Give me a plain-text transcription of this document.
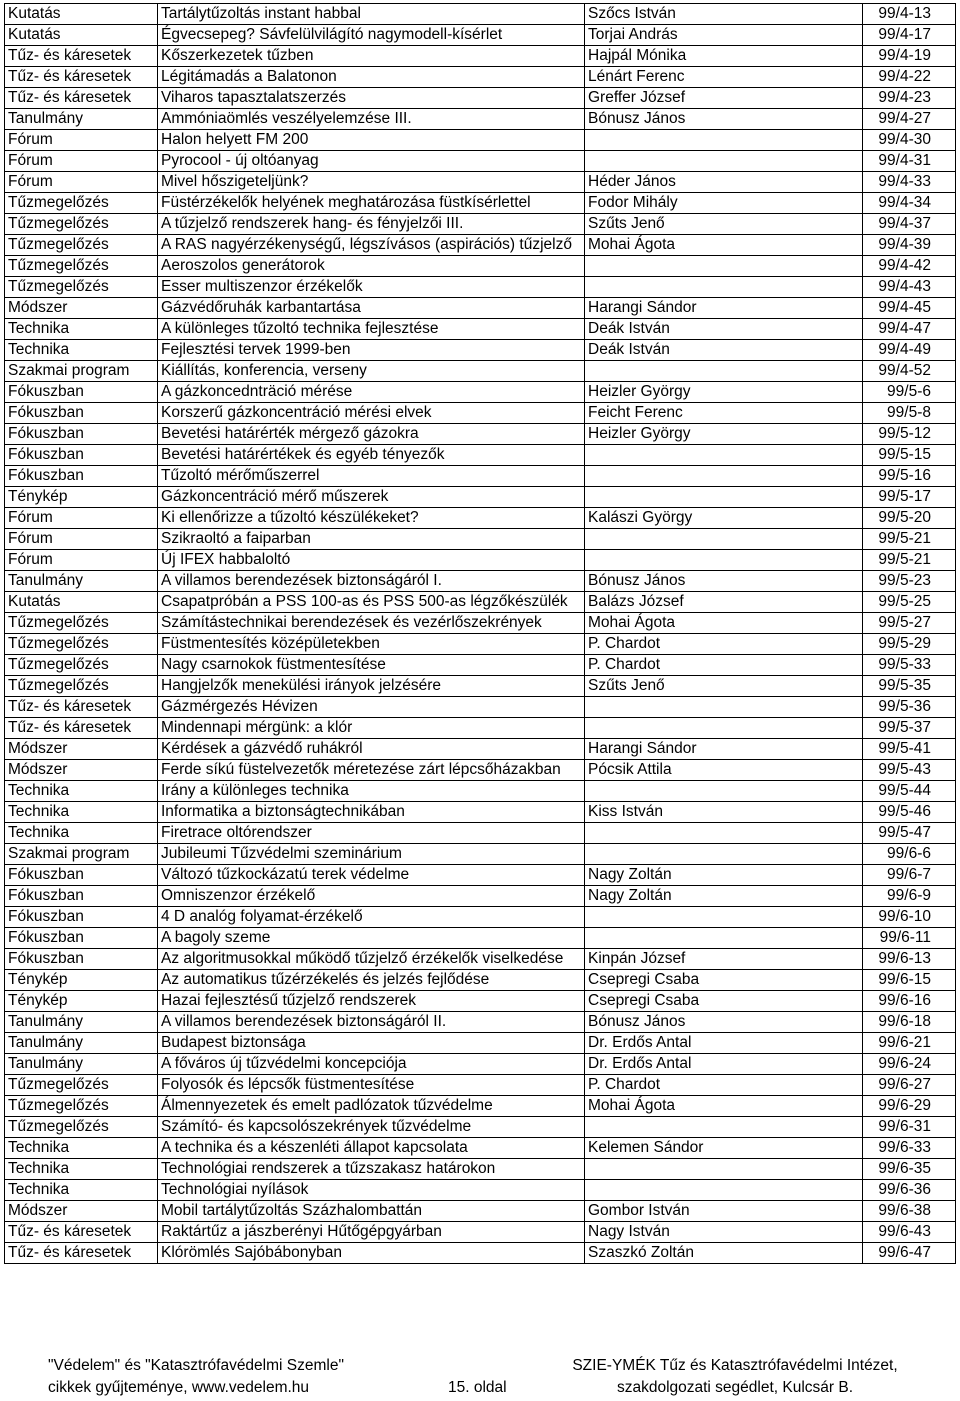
Kutatás	Tartálytűzoltás instant habbal	Szőcs István	99/4-13
Kutatás	Égvecsepeg? Sávfelülvilágító nagymodell-kísérlet	Torjai András	99/4-17
Tűz- és káresetek	Kőszerkezetek tűzben	Hajpál Mónika	99/4-19
Tűz- és káresetek	Légitámadás a Balatonon	Lénárt Ferenc	99/4-22
Tűz- és káresetek	Viharos tapasztalatszerzés	Greffer József	99/4-23
Tanulmány	Ammóniaömlés veszélyelemzése III.	Bónusz János	99/4-27
Fórum	Halon helyett FM 200		99/4-30
Fórum	Pyrocool - új oltóanyag		99/4-31
Fórum	Mivel hőszigeteljünk?	Héder János	99/4-33
Tűzmegelőzés	Füstérzékelők helyének meghatározása füstkísérlettel	Fodor Mihály	99/4-34
Tűzmegelőzés	A tűzjelző rendszerek hang- és fényjelzői III.	Szűts Jenő	99/4-37
Tűzmegelőzés	A RAS nagyérzékenységű, légszívásos (aspirációs) tűzjelző	Mohai Ágota	99/4-39
Tűzmegelőzés	Aeroszolos generátorok		99/4-42
Tűzmegelőzés	Esser multiszenzor érzékelők		99/4-43
Módszer	Gázvédőruhák karbantartása	Harangi Sándor	99/4-45
Technika	A különleges tűzoltó technika fejlesztése	Deák István	99/4-47
Technika	Fejlesztési tervek 1999-ben	Deák István	99/4-49
Szakmai program	Kiállítás, konferencia, verseny		99/4-52
Fókuszban	A gázkoncednträció mérése	Heizler György	99/5-6
Fókuszban	Korszerű gázkoncentráció mérési elvek	Feicht Ferenc	99/5-8
Fókuszban	Bevetési határérték mérgező gázokra	Heizler György	99/5-12
Fókuszban	Bevetési határértékek és egyéb tényezők		99/5-15
Fókuszban	Tűzoltó mérőműszerrel		99/5-16
Ténykép	Gázkoncentráció mérő műszerek		99/5-17
Fórum	Ki ellenőrizze a tűzoltó készülékeket?	Kalászi György	99/5-20
Fórum	Szikraoltó a faiparban		99/5-21
Fórum	Új IFEX habbaloltó		99/5-21
Tanulmány	A villamos berendezések biztonságáról I.	Bónusz János	99/5-23
Kutatás	Csapatpróbán a PSS 100-as és PSS 500-as légzőkészülék	Balázs József	99/5-25
Tűzmegelőzés	Számítástechnikai berendezések és vezérlőszekrények	Mohai Ágota	99/5-27
Tűzmegelőzés	Füstmentesítés középületekben	P. Chardot	99/5-29
Tűzmegelőzés	Nagy csarnokok füstmentesítése	P. Chardot	99/5-33
Tűzmegelőzés	Hangjelzők menekülési irányok jelzésére	Szűts Jenő	99/5-35
Tűz- és káresetek	Gázmérgezés Hévizen		99/5-36
Tűz- és káresetek	Mindennapi mérgünk: a klór		99/5-37
Módszer	Kérdések a gázvédő ruhákról	Harangi Sándor	99/5-41
Módszer	Ferde síkú füstelvezetők méretezése zárt lépcsőházakban	Pócsik Attila	99/5-43
Technika	Irány a különleges technika		99/5-44
Technika	Informatika a biztonságtechnikában	Kiss István	99/5-46
Technika	Firetrace oltórendszer		99/5-47
Szakmai program	Jubileumi Tűzvédelmi szeminárium		99/6-6
Fókuszban	Változó tűzkockázatú terek védelme	Nagy Zoltán	99/6-7
Fókuszban	Omniszenzor érzékelő	Nagy Zoltán	99/6-9
Fókuszban	4 D analóg folyamat-érzékelő		99/6-10
Fókuszban	A bagoly szeme		99/6-11
Fókuszban	Az algoritmusokkal működő tűzjelző érzékelők viselkedése	Kinpán József	99/6-13
Ténykép	Az automatikus tűzérzékelés és jelzés fejlődése	Csepregi Csaba	99/6-15
Ténykép	Hazai fejlesztésű tűzjelző rendszerek	Csepregi Csaba	99/6-16
Tanulmány	A villamos berendezések biztonságáról II.	Bónusz János	99/6-18
Tanulmány	Budapest biztonsága	Dr. Erdős Antal	99/6-21
Tanulmány	A főváros új tűzvédelmi koncepciója	Dr. Erdős Antal	99/6-24
Tűzmegelőzés	Folyosók és lépcsők füstmentesítése	P. Chardot	99/6-27
Tűzmegelőzés	Álmennyezetek és emelt padlózatok tűzvédelme	Mohai Ágota	99/6-29
Tűzmegelőzés	Számító- és kapcsolószekrények tűzvédelme		99/6-31
Technika	A technika és a készenléti állapot kapcsolata	Kelemen Sándor	99/6-33
Technika	Technológiai rendszerek a tűzszakasz határokon		99/6-35
Technika	Technológiai nyílások		99/6-36
Módszer	Mobil tartálytűzoltás Százhalombattán	Gombor István	99/6-38
Tűz- és káresetek	Raktártűz a jászberényi Hűtőgépgyárban	Nagy István	99/6-43
Tűz- és káresetek	Klórömlés Sajóbábonyban	Szaszkó Zoltán	99/6-47
"Védelem" és "Katasztrófavédelmi Szemle"
cikkek gyűjteménye, www.vedelem.hu	15. oldal
SZIE-YMÉK Tűz és Katasztrófavédelmi Intézet,
szakdolgozati segédlet, Kulcsár B.
